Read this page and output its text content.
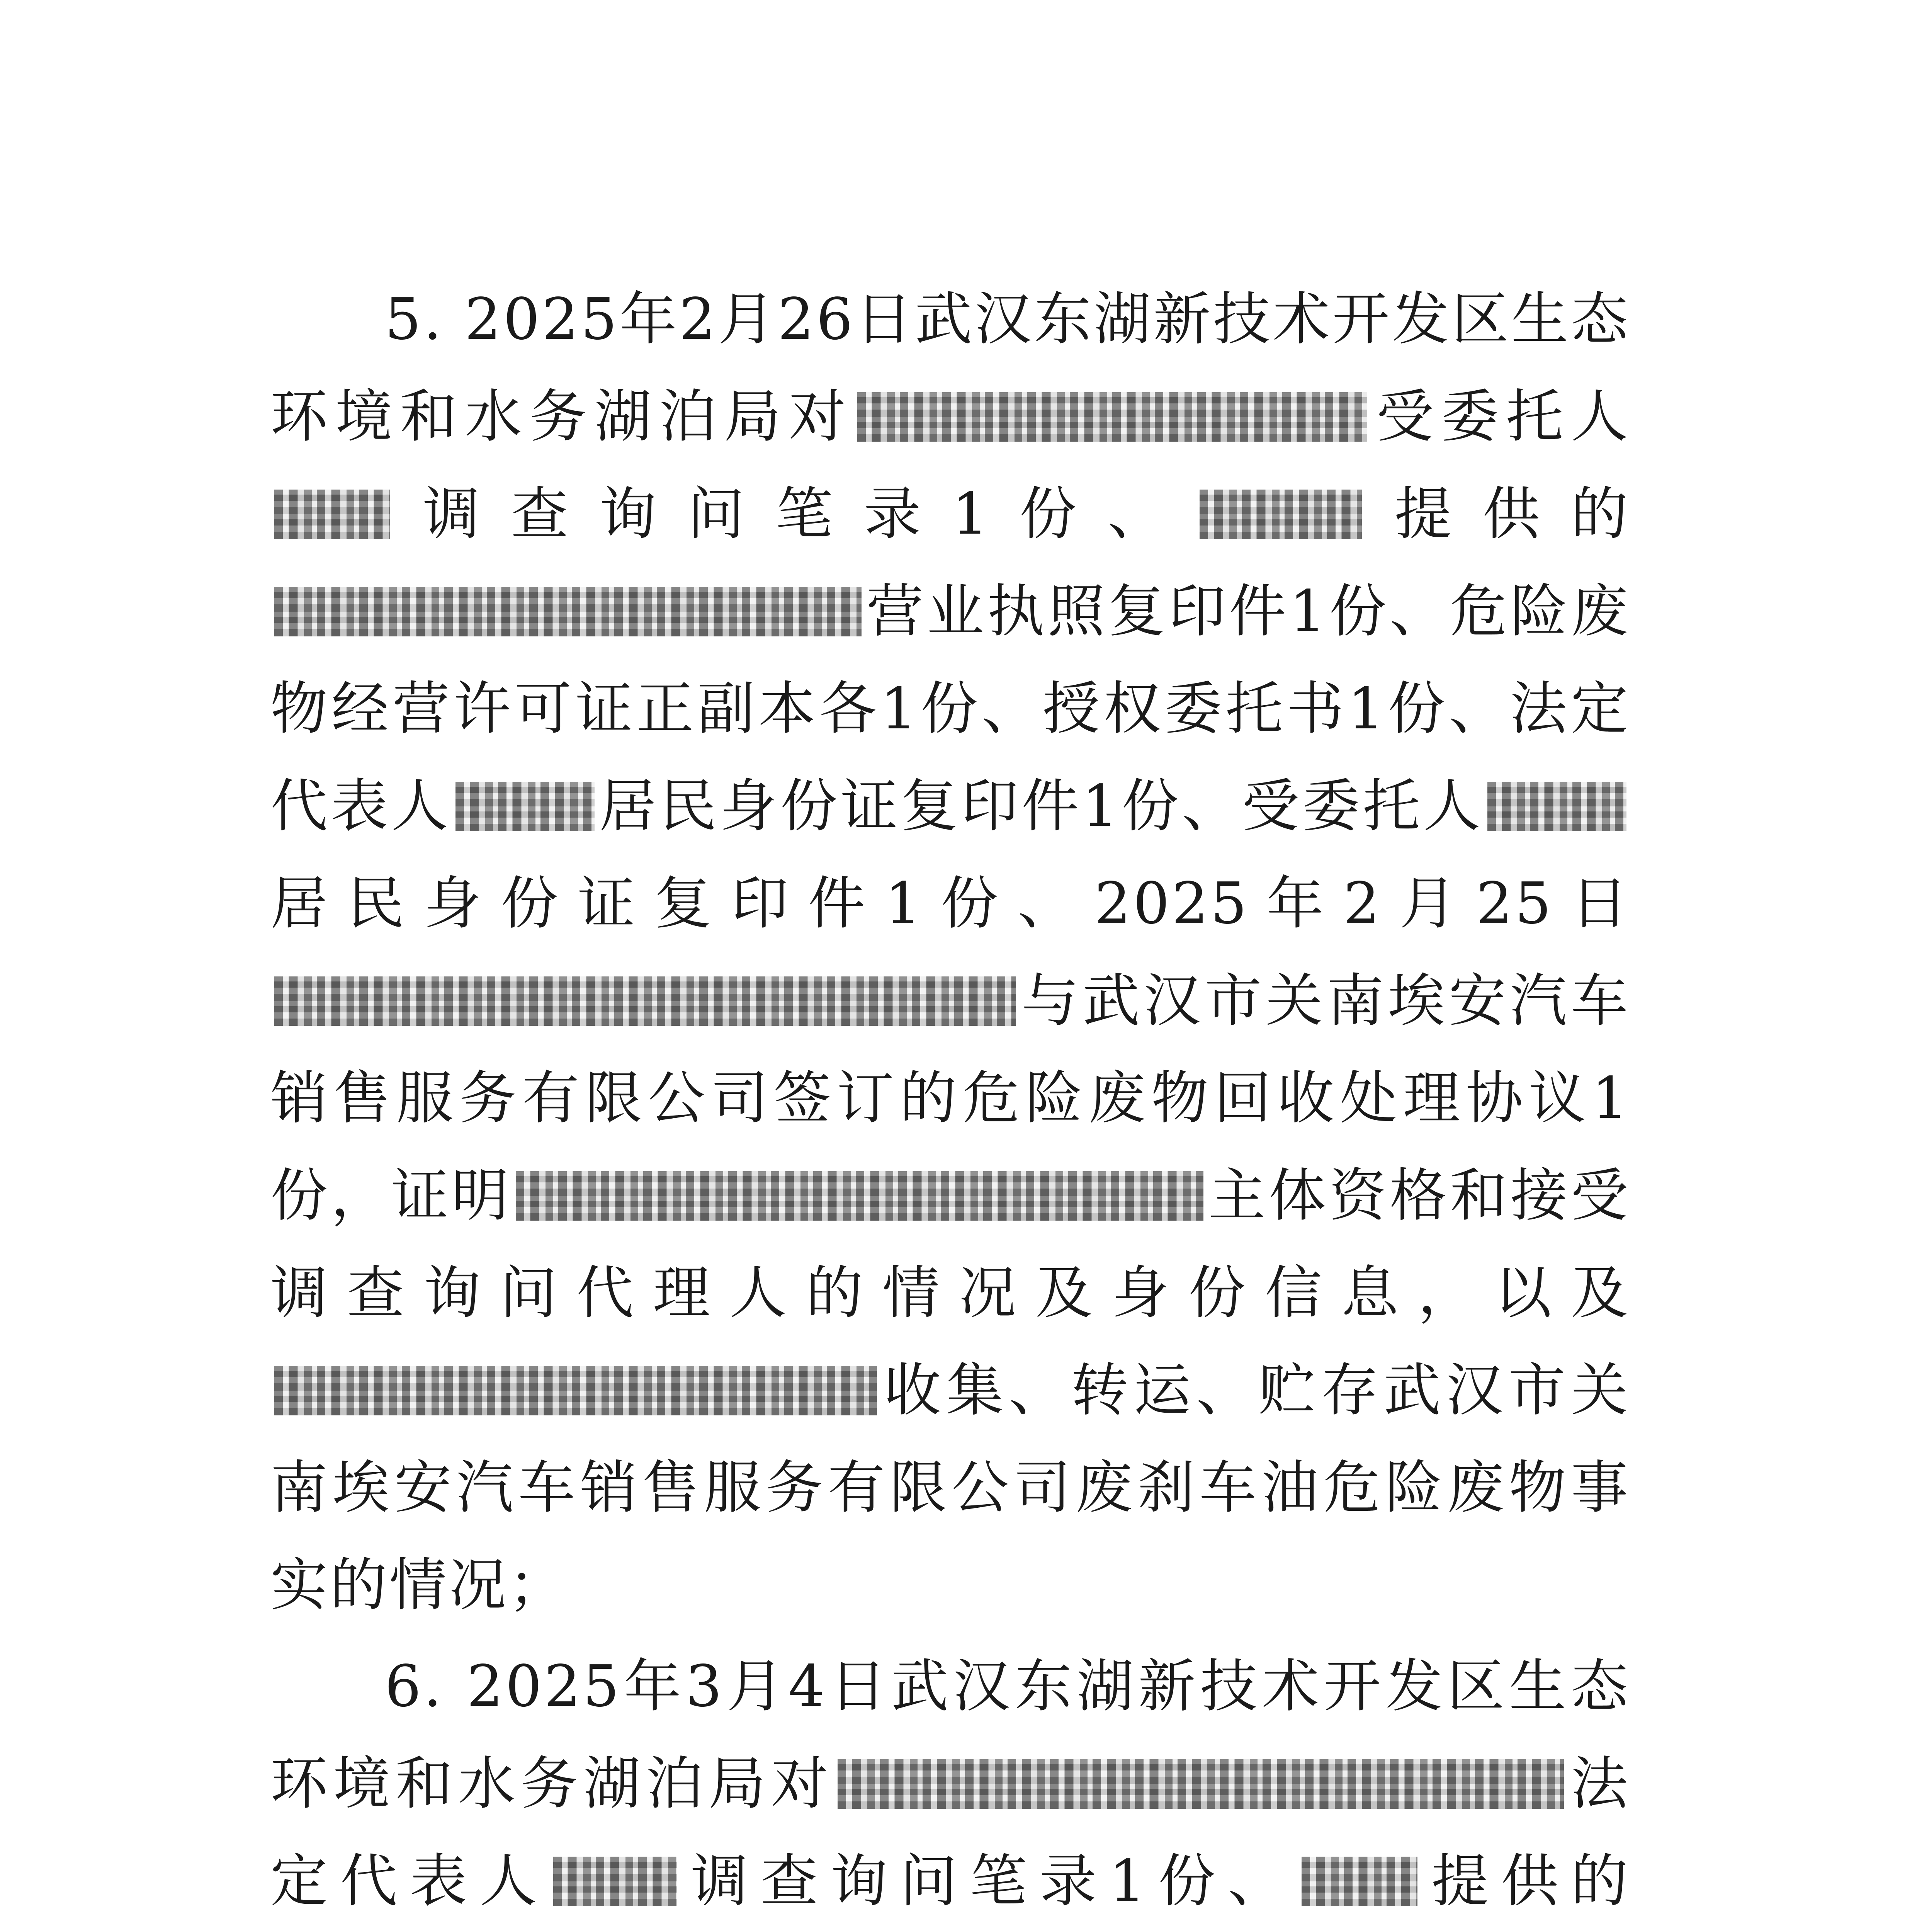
5. 2025年2月26日武汉东湖新技术开发区生态环境和水务湖泊局对	受委托人调查询问笔录1份、	提供的营业执照复印件1份、危险废物经营许可证正副本各1份、授权委托书1份、法定代表人	居民身份证复印件1份、受委托人居民身份证复印件1份、2025年2月25日与武汉市关南埃安汽车销售服务有限公司签订的危险废物回收处理协议1份，证明	主体资格和接受调查询问代理人的情况及身份信息，以及收集、转运、贮存武汉市关南埃安汽车销售服务有限公司废刹车油危险废物事实的情况；

6. 2025年3月4日武汉东湖新技术开发区生态环境和水务湖泊局对	法定代表人 调查询问笔录1份、 提供的
